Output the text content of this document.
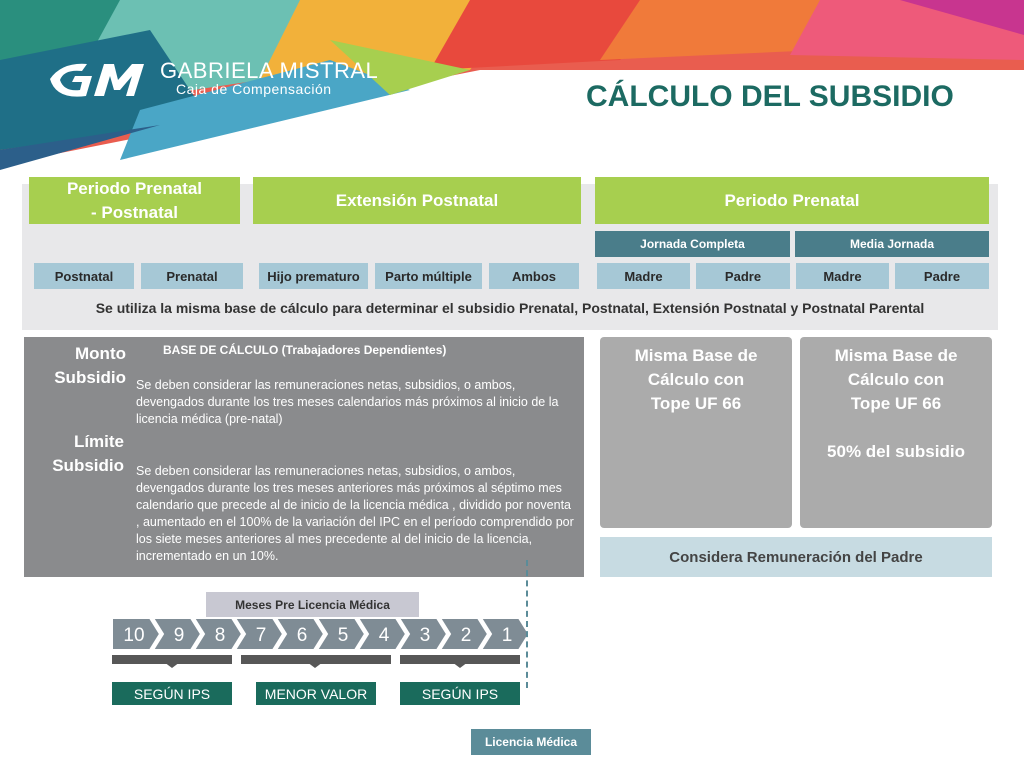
GABRIELA MISTRAL
Caja de Compensación	CÁLCULO DEL SUBSIDIO
Periodo Prenatal
- Postnatal
Extensión Postnatal	Periodo Prenatal
Jornada Completa	Media Jornada
Postnatal	Prenatal	Hijo prematuro	Parto múltiple	Ambos	Madre	Padre	Madre	Padre
Se utiliza la misma base de cálculo para determinar el subsidio Prenatal, Postnatal, Extensión Postnatal y Postnatal Parental
Monto
Subsidio
Límite
Subsidio
BASE DE CÁLCULO (Trabajadores Dependientes)
Se deben considerar las remuneraciones netas, subsidios, o ambos, devengados durante los tres meses calendarios más próximos al inicio de la licencia médica (pre-natal)
Se deben considerar las remuneraciones netas, subsidios, o ambos, devengados durante los tres meses anteriores más próximos al séptimo mes calendario que precede al de inicio de la licencia médica , dividido por noventa , aumentado en el 100% de la variación del IPC en el período comprendido por los siete meses anteriores al mes precedente al del inicio de la licencia, incrementado en un 10%.
Misma Base de
Cálculo con
Tope UF 66
Misma Base de
Cálculo con
Tope UF 66

50% del subsidio
Considera Remuneración del Padre
Meses Pre Licencia Médica
10 9 8 7 6 5 4 3 2 1
SEGÚN IPS	MENOR VALOR	SEGÚN IPS
Licencia Médica
